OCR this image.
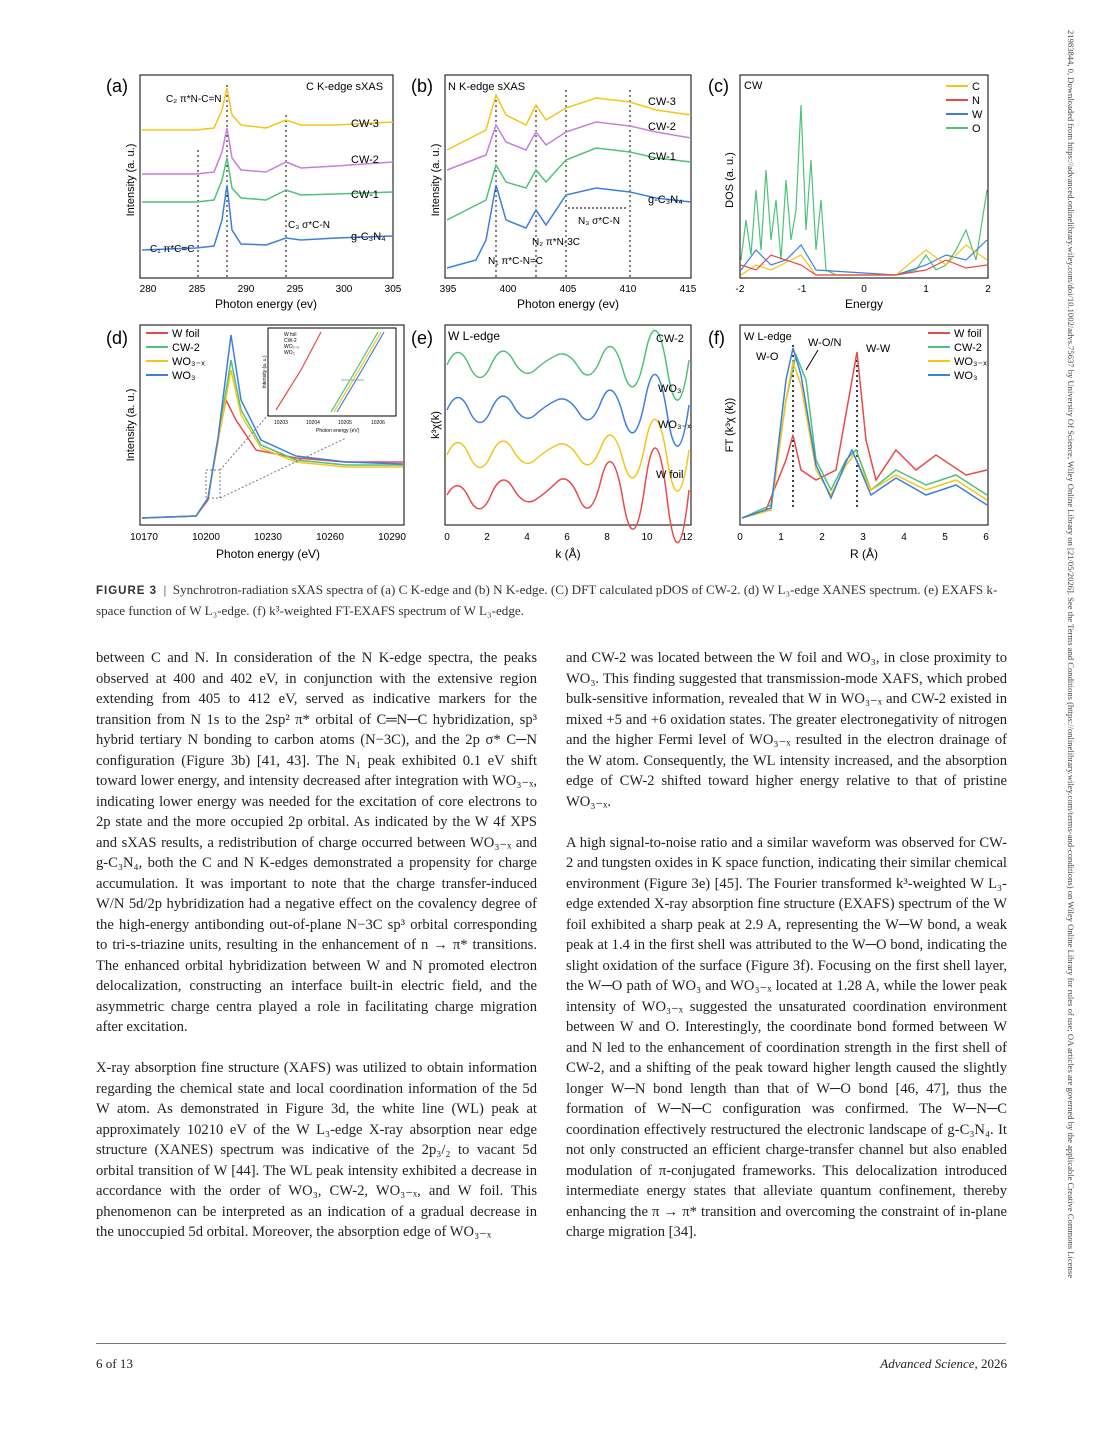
21983844, 0, Downloaded from https://advanced.onlinelibrary.wiley.com/doi/10.1002/advs.75637 by University Of Science, Wiley Online Library on [21/05/2026]. See the Terms and Conditions (https://onlinelibrary.wiley.com/terms-and-conditions) on Wiley Online Library for rules of use; OA articles are governed by the applicable Creative Commons License
(a)	C K-edge sXAS
Intensity (a. u.)
Photon energy (ev)
280	285	290	295	300	305
CW-3
CW-2
CW-1
g-C₃N₄
C₂ π*N-C=N
C₃ σ*C-N
C₁ π*C=C
(b) N K-edge sXAS
Intensity (a. u.)
Photon energy (ev)
395	400	405	410	415
CW-3
CW-2
CW-1
g-C₃N₄
N₃ σ*C-N
N₂ π*N-3C
N₁ π*C-N=C
(c) CW
DOS (a. u.)
Energy
-2	-1	0	1	2
C
N
W
O
(d)
Intensity (a. u.)
Photon energy (eV)
10170	10200	10230	10260	10290
W foil
CW-2
WO₃₋ₓ
WO₃
W foil
CW-2
WO₃₋ₓ
WO₃
10203	10204	10205	10206
Photon energy (eV)
Intensity (a. u.)
(e) W L-edge
k³χ(k)
k (Å)
0	2	4	6	8	10	12
CW-2
WO₃
WO₃₋ₓ
W foil
(f) W L-edge
FT (k³χ (k))
R (Å)
0	1	2	3	4	5	6
W-O
W-O/N W-W
W foil
CW-2
WO₃₋ₓ
WO₃
FIGURE 3  |  Synchrotron-radiation sXAS spectra of (a) C K-edge and (b) N K-edge. (C) DFT calculated pDOS of CW-2. (d) W L₃-edge XANES spectrum. (e) EXAFS k-space function of W L₃-edge. (f) k³-weighted FT-EXAFS spectrum of W L₃-edge.

between C and N. In consideration of the N K-edge spectra, the peaks observed at 400 and 402 eV, in conjunction with the extensive region extending from 405 to 412 eV, served as indicative markers for the transition from N 1s to the 2sp² π* orbital of C═N─C hybridization, sp³ hybrid tertiary N bonding to carbon atoms (N−3C), and the 2p σ* C─N configuration (Figure 3b) [41, 43]. The N₁ peak exhibited 0.1 eV shift toward lower energy, and intensity decreased after integration with WO₃₋ₓ, indicating lower energy was needed for the excitation of core electrons to 2p state and the more occupied 2p orbital. As indicated by the W 4f XPS and sXAS results, a redistribution of charge occurred between WO₃₋ₓ and g-C₃N₄, both the C and N K-edges demonstrated a propensity for charge accumulation. It was important to note that the charge transfer-induced W/N 5d/2p hybridization had a negative effect on the covalency degree of the high-energy antibonding out-of-plane N−3C sp³ orbital corresponding to tri-s-triazine units, resulting in the enhancement of n → π* transitions. The enhanced orbital hybridization between W and N promoted electron delocalization, constructing an interface built-in electric field, and the asymmetric charge centra played a role in facilitating charge migration after excitation.

X-ray absorption fine structure (XAFS) was utilized to obtain information regarding the chemical state and local coordination information of the 5d W atom. As demonstrated in Figure 3d, the white line (WL) peak at approximately 10210 eV of the W L₃-edge X-ray absorption near edge structure (XANES) spectrum was indicative of the 2p₃/₂ to vacant 5d orbital transition of W [44]. The WL peak intensity exhibited a decrease in accordance with the order of WO₃, CW-2, WO₃₋ₓ, and W foil. This phenomenon can be interpreted as an indication of a gradual decrease in the unoccupied 5d orbital. Moreover, the absorption edge of WO₃₋ₓ

and CW-2 was located between the W foil and WO₃, in close proximity to WO₃. This finding suggested that transmission-mode XAFS, which probed bulk-sensitive information, revealed that W in WO₃₋ₓ and CW-2 existed in mixed +5 and +6 oxidation states. The greater electronegativity of nitrogen and the higher Fermi level of WO₃₋ₓ resulted in the electron drainage of the W atom. Consequently, the WL intensity increased, and the absorption edge of CW-2 shifted toward higher energy relative to that of pristine WO₃₋ₓ.

A high signal-to-noise ratio and a similar waveform was observed for CW-2 and tungsten oxides in K space function, indicating their similar chemical environment (Figure 3e) [45]. The Fourier transformed k³-weighted W L₃-edge extended X-ray absorption fine structure (EXAFS) spectrum of the W foil exhibited a sharp peak at 2.9 A, representing the W─W bond, a weak peak at 1.4 in the first shell was attributed to the W─O bond, indicating the slight oxidation of the surface (Figure 3f). Focusing on the first shell layer, the W─O path of WO₃ and WO₃₋ₓ located at 1.28 A, while the lower peak intensity of WO₃₋ₓ suggested the unsaturated coordination environment between W and O. Interestingly, the coordinate bond formed between W and N led to the enhancement of coordination strength in the first shell of CW-2, and a shifting of the peak toward higher length caused the slightly longer W─N bond length than that of W─O bond [46, 47], thus the formation of W─N─C configuration was confirmed. The W─N─C coordination effectively restructured the electronic landscape of g-C₃N₄. It not only constructed an efficient charge-transfer channel but also enabled modulation of π-conjugated frameworks. This delocalization introduced intermediate energy states that alleviate quantum confinement, thereby enhancing the π → π* transition and overcoming the constraint of in-plane charge migration [34].

6 of 13	Advanced Science, 2026
